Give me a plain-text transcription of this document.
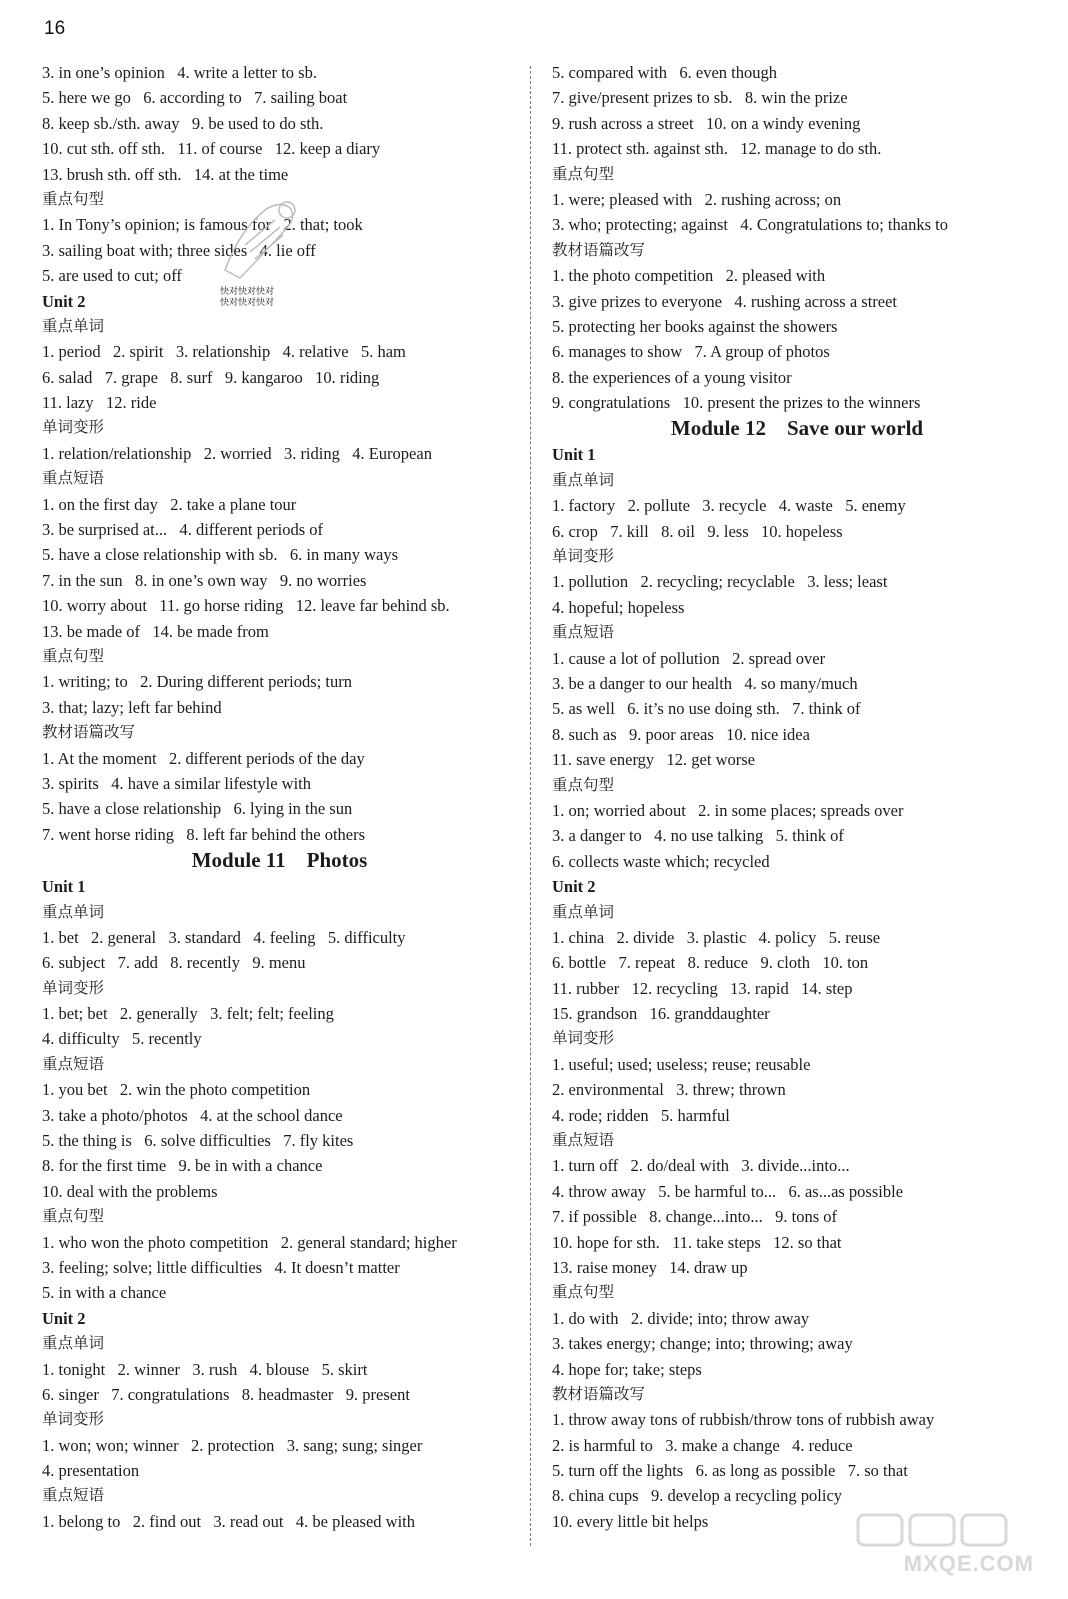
16
3. in one’s opinion   4. write a letter to sb.
5. here we go   6. according to   7. sailing boat
8. keep sb./sth. away   9. be used to do sth.
10. cut sth. off sth.   11. of course   12. keep a diary
13. brush sth. off sth.   14. at the time
重点句型
1. In Tony’s opinion; is famous for   2. that; took
3. sailing boat with; three sides   4. lie off
5. are used to cut; off
Unit 2
重点单词
1. period   2. spirit   3. relationship   4. relative   5. ham
6. salad   7. grape   8. surf   9. kangaroo   10. riding
11. lazy   12. ride
单词变形
1. relation/relationship   2. worried   3. riding   4. European
重点短语
1. on the first day   2. take a plane tour
3. be surprised at...   4. different periods of
5. have a close relationship with sb.   6. in many ways
7. in the sun   8. in one’s own way   9. no worries
10. worry about   11. go horse riding   12. leave far behind sb.
13. be made of   14. be made from
重点句型
1. writing; to   2. During different periods; turn
3. that; lazy; left far behind
教材语篇改写
1. At the moment   2. different periods of the day
3. spirits   4. have a similar lifestyle with
5. have a close relationship   6. lying in the sun
7. went horse riding   8. left far behind the others
Module 11    Photos
Unit 1
重点单词
1. bet   2. general   3. standard   4. feeling   5. difficulty
6. subject   7. add   8. recently   9. menu
单词变形
1. bet; bet   2. generally   3. felt; felt; feeling
4. difficulty   5. recently
重点短语
1. you bet   2. win the photo competition
3. take a photo/photos   4. at the school dance
5. the thing is   6. solve difficulties   7. fly kites
8. for the first time   9. be in with a chance
10. deal with the problems
重点句型
1. who won the photo competition   2. general standard; higher
3. feeling; solve; little difficulties   4. It doesn’t matter
5. in with a chance
Unit 2
重点单词
1. tonight   2. winner   3. rush   4. blouse   5. skirt
6. singer   7. congratulations   8. headmaster   9. present
单词变形
1. won; won; winner   2. protection   3. sang; sung; singer
4. presentation
重点短语
1. belong to   2. find out   3. read out   4. be pleased with
5. compared with   6. even though
7. give/present prizes to sb.   8. win the prize
9. rush across a street   10. on a windy evening
11. protect sth. against sth.   12. manage to do sth.
重点句型
1. were; pleased with   2. rushing across; on
3. who; protecting; against   4. Congratulations to; thanks to
教材语篇改写
1. the photo competition   2. pleased with
3. give prizes to everyone   4. rushing across a street
5. protecting her books against the showers
6. manages to show   7. A group of photos
8. the experiences of a young visitor
9. congratulations   10. present the prizes to the winners
Module 12    Save our world
Unit 1
重点单词
1. factory   2. pollute   3. recycle   4. waste   5. enemy
6. crop   7. kill   8. oil   9. less   10. hopeless
单词变形
1. pollution   2. recycling; recyclable   3. less; least
4. hopeful; hopeless
重点短语
1. cause a lot of pollution   2. spread over
3. be a danger to our health   4. so many/much
5. as well   6. it’s no use doing sth.   7. think of
8. such as   9. poor areas   10. nice idea
11. save energy   12. get worse
重点句型
1. on; worried about   2. in some places; spreads over
3. a danger to   4. no use talking   5. think of
6. collects waste which; recycled
Unit 2
重点单词
1. china   2. divide   3. plastic   4. policy   5. reuse
6. bottle   7. repeat   8. reduce   9. cloth   10. ton
11. rubber   12. recycling   13. rapid   14. step
15. grandson   16. granddaughter
单词变形
1. useful; used; useless; reuse; reusable
2. environmental   3. threw; thrown
4. rode; ridden   5. harmful
重点短语
1. turn off   2. do/deal with   3. divide...into...
4. throw away   5. be harmful to...   6. as...as possible
7. if possible   8. change...into...   9. tons of
10. hope for sth.   11. take steps   12. so that
13. raise money   14. draw up
重点句型
1. do with   2. divide; into; throw away
3. takes energy; change; into; throwing; away
4. hope for; take; steps
教材语篇改写
1. throw away tons of rubbish/throw tons of rubbish away
2. is harmful to   3. make a change   4. reduce
5. turn off the lights   6. as long as possible   7. so that
8. china cups   9. develop a recycling policy
10. every little bit helps
快对快对快对
快对快对快对
MXQE.COM
